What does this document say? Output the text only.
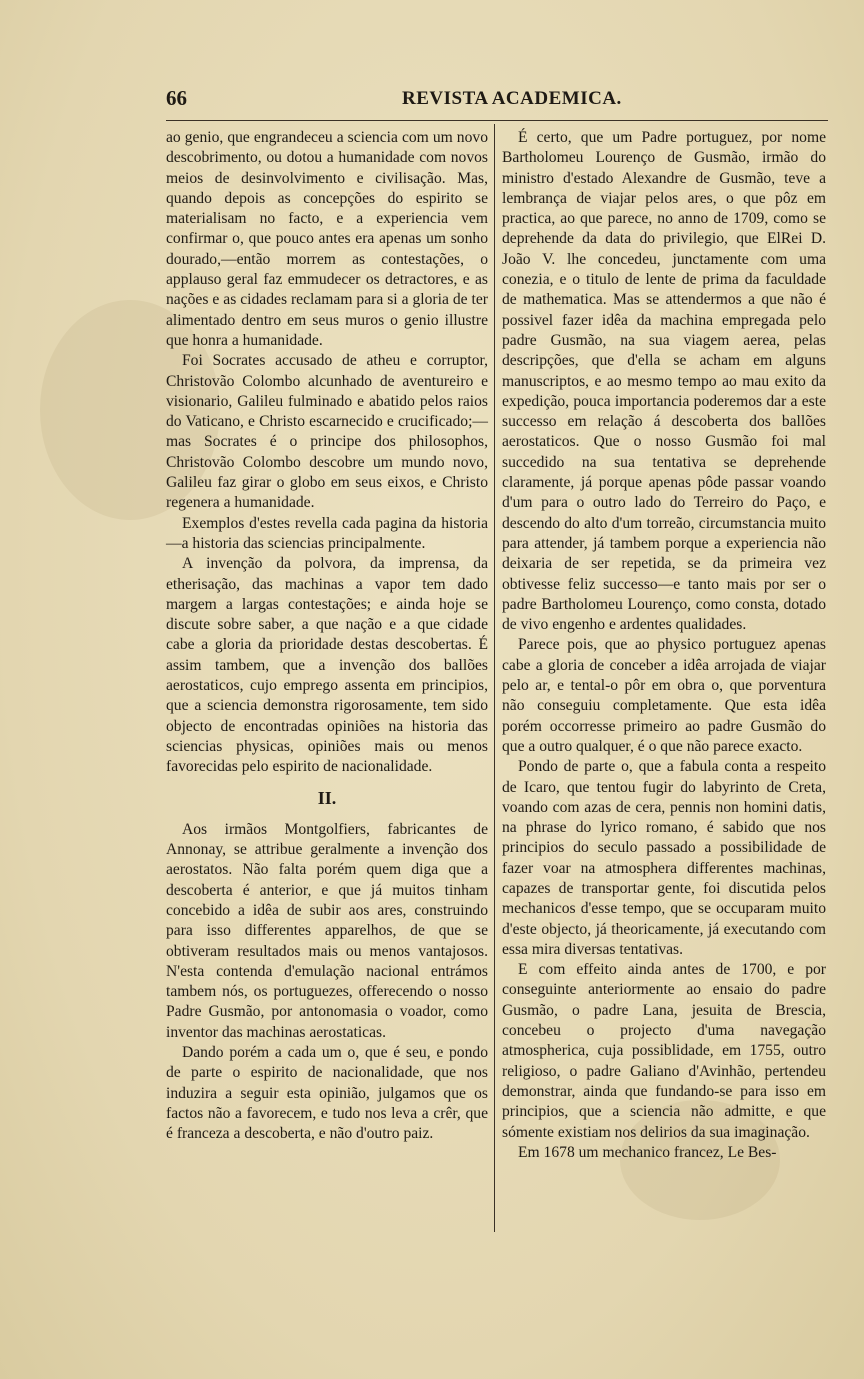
66	REVISTA ACADEMICA.

ao genio, que engrandeceu a sciencia com um novo descobrimento, ou dotou a humanidade com novos meios de desinvolvimento e civilisação. Mas, quando depois as concepções do espirito se materialisam no facto, e a experiencia vem confirmar o, que pouco antes era apenas um sonho dourado,—então morrem as contestações, o applauso geral faz emmudecer os detractores, e as nações e as cidades reclamam para si a gloria de ter alimentado dentro em seus muros o genio illustre que honra a humanidade.

Foi Socrates accusado de atheu e corruptor, Christovão Colombo alcunhado de aventureiro e visionario, Galileu fulminado e abatido pelos raios do Vaticano, e Christo escarnecido e crucificado;—mas Socrates é o principe dos philosophos, Christovão Colombo descobre um mundo novo, Galileu faz girar o globo em seus eixos, e Christo regenera a humanidade.

Exemplos d'estes revella cada pagina da historia—a historia das sciencias principalmente.

A invenção da polvora, da imprensa, da etherisação, das machinas a vapor tem dado margem a largas contestações; e ainda hoje se discute sobre saber, a que nação e a que cidade cabe a gloria da prioridade destas descobertas. É assim tambem, que a invenção dos ballões aerostaticos, cujo emprego assenta em principios, que a sciencia demonstra rigorosamente, tem sido objecto de encontradas opiniões na historia das sciencias physicas, opiniões mais ou menos favorecidas pelo espirito de nacionalidade.

II.

Aos irmãos Montgolfiers, fabricantes de Annonay, se attribue geralmente a invenção dos aerostatos. Não falta porém quem diga que a descoberta é anterior, e que já muitos tinham concebido a idêa de subir aos ares, construindo para isso differentes apparelhos, de que se obtiveram resultados mais ou menos vantajosos. N'esta contenda d'emulação nacional entrámos tambem nós, os portuguezes, offerecendo o nosso Padre Gusmão, por antonomasia o voador, como inventor das machinas aerostaticas.

Dando porém a cada um o, que é seu, e pondo de parte o espirito de nacionalidade, que nos induzira a seguir esta opinião, julgamos que os factos não a favorecem, e tudo nos leva a crêr, que é franceza a descoberta, e não d'outro paiz.

É certo, que um Padre portuguez, por nome Bartholomeu Lourenço de Gusmão, irmão do ministro d'estado Alexandre de Gusmão, teve a lembrança de viajar pelos ares, o que pôz em practica, ao que parece, no anno de 1709, como se deprehende da data do privilegio, que ElRei D. João V. lhe concedeu, junctamente com uma conezia, e o titulo de lente de prima da faculdade de mathematica. Mas se attendermos a que não é possivel fazer idêa da machina empregada pelo padre Gusmão, na sua viagem aerea, pelas descripções, que d'ella se acham em alguns manuscriptos, e ao mesmo tempo ao mau exito da expedição, pouca importancia poderemos dar a este successo em relação á descoberta dos ballões aerostaticos. Que o nosso Gusmão foi mal succedido na sua tentativa se deprehende claramente, já porque apenas pôde passar voando d'um para o outro lado do Terreiro do Paço, e descendo do alto d'um torreão, circumstancia muito para attender, já tambem porque a experiencia não deixaria de ser repetida, se da primeira vez obtivesse feliz successo—e tanto mais por ser o padre Bartholomeu Lourenço, como consta, dotado de vivo engenho e ardentes qualidades.

Parece pois, que ao physico portuguez apenas cabe a gloria de conceber a idêa arrojada de viajar pelo ar, e tental-o pôr em obra o, que porventura não conseguiu completamente. Que esta idêa porém occorresse primeiro ao padre Gusmão do que a outro qualquer, é o que não parece exacto.

Pondo de parte o, que a fabula conta a respeito de Icaro, que tentou fugir do labyrinto de Creta, voando com azas de cera, pennis non homini datis, na phrase do lyrico romano, é sabido que nos principios do seculo passado a possibilidade de fazer voar na atmosphera differentes machinas, capazes de transportar gente, foi discutida pelos mechanicos d'esse tempo, que se occuparam muito d'este objecto, já theoricamente, já executando com essa mira diversas tentativas.

E com effeito ainda antes de 1700, e por conseguinte anteriormente ao ensaio do padre Gusmão, o padre Lana, jesuita de Brescia, concebeu o projecto d'uma navegação atmospherica, cuja possiblidade, em 1755, outro religioso, o padre Galiano d'Avinhão, pertendeu demonstrar, ainda que fundando-se para isso em principios, que a sciencia não admitte, e que sómente existiam nos delirios da sua imaginação.

Em 1678 um mechanico francez, Le Bes-
